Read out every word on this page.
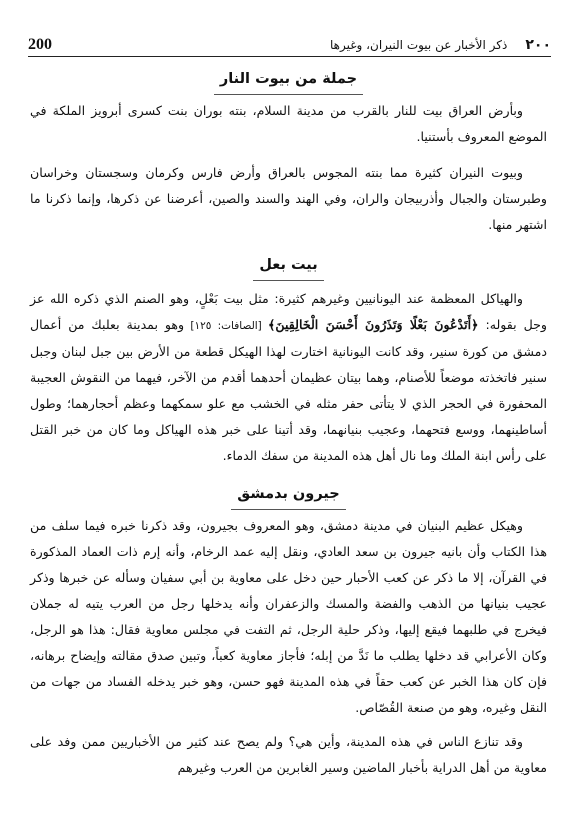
200	ذكر الأخبار عن بيوت النيران، وغيرها	٢٠٠
جملة من بيوت النار

وبأرض العراق بيت للنار بالقرب من مدينة السلام، بنته بوران بنت كسرى أبرويز الملكة في الموضع المعروف بأستنيا.

وبيوت النيران كثيرة مما بنته المجوس بالعراق وأرض فارس وكرمان وسجستان وخراسان وطبرستان والجبال وأذربيجان والران، وفي الهند والسند والصين، أعرضنا عن ذكرها، وإنما ذكرنا ما اشتهر منها.

بيت بعل

والهياكل المعظمة عند اليونانيين وغيرهم كثيرة: مثل بيت بَعْلٍ، وهو الصنم الذي ذكره الله عز وجل بقوله: ﴿أَتَدْعُونَ بَعْلًا وَتَذَرُونَ أَحْسَنَ الْخَالِقِينَ﴾ [الصافات: ١٢٥] وهو بمدينة بعلبك من أعمال دمشق من كورة سنير، وقد كانت اليونانية اختارت لهذا الهيكل قطعة من الأرض بين جبل لبنان وجبل سنير فاتخذته موضعاً للأصنام، وهما بيتان عظيمان أحدهما أقدم من الآخر، فيهما من النقوش العجيبة المحفورة في الحجر الذي لا يتأتى حفر مثله في الخشب مع علو سمكهما وعظم أحجارهما؛ وطول أساطينهما، ووسع فتحهما، وعجيب بنيانهما، وقد أتينا على خبر هذه الهياكل وما كان من خبر القتل على رأس ابنة الملك وما نال أهل هذه المدينة من سفك الدماء.

جيرون بدمشق

وهيكل عظيم البنيان في مدينة دمشق، وهو المعروف بجيرون، وقد ذكرنا خبره فيما سلف من هذا الكتاب وأن بانيه جيرون بن سعد العادي، ونقل إليه عمد الرخام، وأنه إرم ذات العماد المذكورة في القرآن، إلا ما ذكر عن كعب الأحبار حين دخل على معاوية بن أبي سفيان وسأله عن خبرها وذكر عجيب بنيانها من الذهب والفضة والمسك والزعفران وأنه يدخلها رجل من العرب يتيه له جملان فيخرج في طلبهما فيقع إليها، وذكر حلية الرجل، ثم التفت في مجلس معاوية فقال: هذا هو الرجل، وكان الأعرابي قد دخلها يطلب ما نَدَّ من إبله؛ فأجاز معاوية كعباً، وتبين صدق مقالته وإيضاح برهانه، فإن كان هذا الخبر عن كعب حقاً في هذه المدينة فهو حسن، وهو خبر يدخله الفساد من جهات من النقل وغيره، وهو من صنعة القُصّاص.

وقد تنازع الناس في هذه المدينة، وأين هي؟ ولم يصح عند كثير من الأخباريين ممن وفد على معاوية من أهل الدراية بأخبار الماضين وسير الغابرين من العرب وغيرهم
